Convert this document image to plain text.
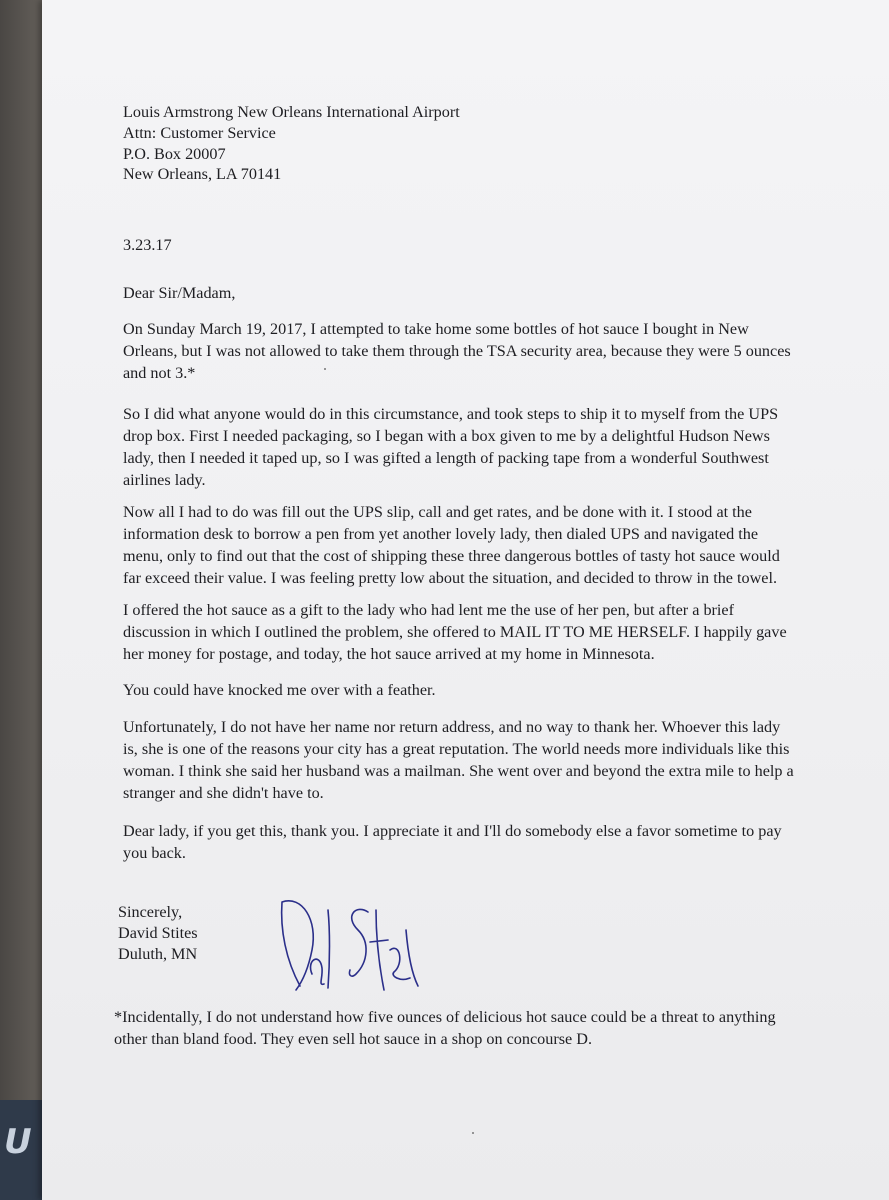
U
Louis Armstrong New Orleans International Airport
Attn: Customer Service
P.O. Box 20007
New Orleans, LA 70141
3.23.17
Dear Sir/Madam,
On Sunday March 19, 2017, I attempted to take home some bottles of hot sauce I bought in New
Orleans, but I was not allowed to take them through the TSA security area, because they were 5 ounces
and not 3.*
So I did what anyone would do in this circumstance, and took steps to ship it to myself from the UPS
drop box. First I needed packaging, so I began with a box given to me by a delightful Hudson News
lady, then I needed it taped up, so I was gifted a length of packing tape from a wonderful Southwest
airlines lady.
Now all I had to do was fill out the UPS slip, call and get rates, and be done with it. I stood at the
information desk to borrow a pen from yet another lovely lady, then dialed UPS and navigated the
menu, only to find out that the cost of shipping these three dangerous bottles of tasty hot sauce would
far exceed their value. I was feeling pretty low about the situation, and decided to throw in the towel.
I offered the hot sauce as a gift to the lady who had lent me the use of her pen, but after a brief
discussion in which I outlined the problem, she offered to MAIL IT TO ME HERSELF. I happily gave
her money for postage, and today, the hot sauce arrived at my home in Minnesota.
You could have knocked me over with a feather.
Unfortunately, I do not have her name nor return address, and no way to thank her. Whoever this lady
is, she is one of the reasons your city has a great reputation. The world needs more individuals like this
woman. I think she said her husband was a mailman. She went over and beyond the extra mile to help a
stranger and she didn't have to.
Dear lady, if you get this, thank you. I appreciate it and I'll do somebody else a favor sometime to pay
you back.
Sincerely,
David Stites
Duluth, MN
*Incidentally, I do not understand how five ounces of delicious hot sauce could be a threat to anything
other than bland food. They even sell hot sauce in a shop on concourse D.
